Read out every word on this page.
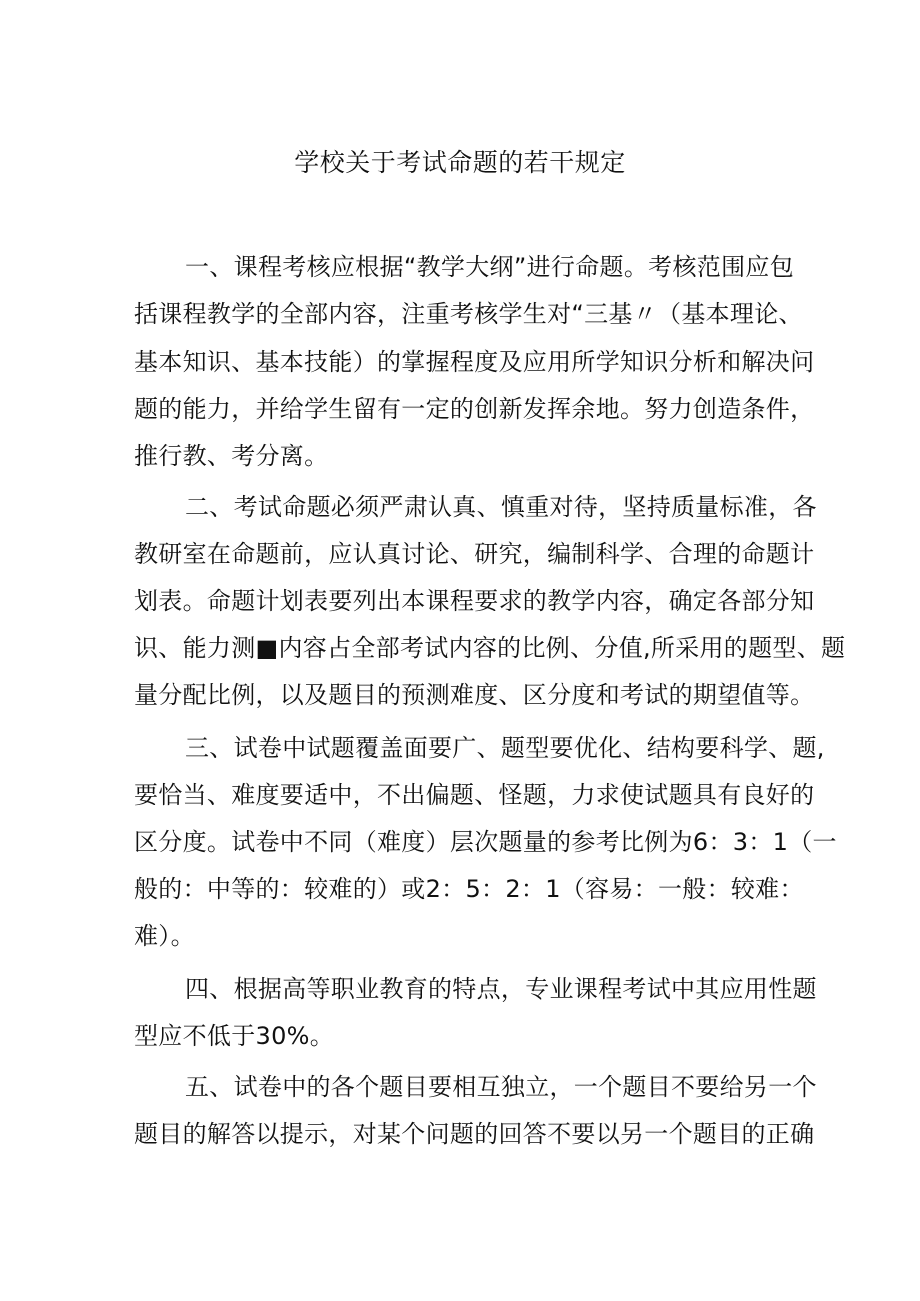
学校关于考试命题的若干规定
一、课程考核应根据“教学大纲”进行命题。考核范围应包
括课程教学的全部内容，注重考核学生对“三基〃（基本理论、
基本知识、基本技能）的掌握程度及应用所学知识分析和解决问
题的能力，并给学生留有一定的创新发挥余地。努力创造条件，
推行教、考分离。
二、考试命题必须严肃认真、慎重对待，坚持质量标准，各
教研室在命题前，应认真讨论、研究，编制科学、合理的命题计
划表。命题计划表要列出本课程要求的教学内容，确定各部分知
识、能力测■内容占全部考试内容的比例、分值,所采用的题型、题
量分配比例，以及题目的预测难度、区分度和考试的期望值等。
三、试卷中试题覆盖面要广、题型要优化、结构要科学、题,
要恰当、难度要适中，不出偏题、怪题，力求使试题具有良好的
区分度。试卷中不同（难度）层次题量的参考比例为6：3：1（一
般的：中等的：较难的）或2：5：2：1（容易：一般：较难：
难）。
四、根据高等职业教育的特点，专业课程考试中其应用性题
型应不低于30%。
五、试卷中的各个题目要相互独立，一个题目不要给另一个
题目的解答以提示，对某个问题的回答不要以另一个题目的正确
